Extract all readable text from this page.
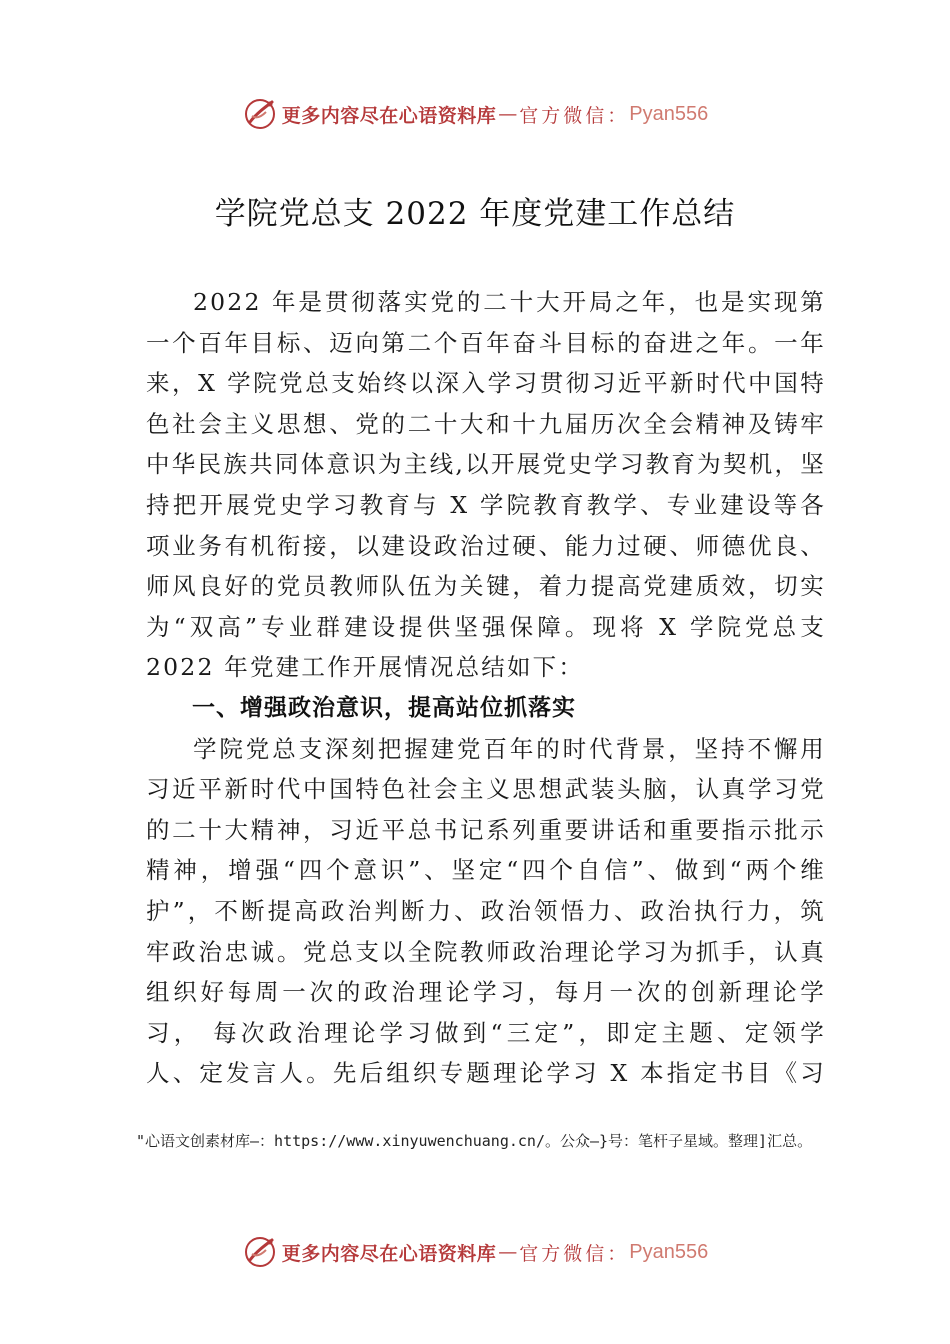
更多内容尽在心语资料库 — 官方微信： Pyan556
学院党总支 2022 年度党建工作总结

2022 年是贯彻落实党的二十大开局之年，也是实现第一个百年目标、迈向第二个百年奋斗目标的奋进之年。一年来，X 学院党总支始终以深入学习贯彻习近平新时代中国特色社会主义思想、党的二十大和十九届历次全会精神及铸牢中华民族共同体意识为主线,以开展党史学习教育为契机，坚持把开展党史学习教育与 X 学院教育教学、专业建设等各项业务有机衔接，以建设政治过硬、能力过硬、师德优良、师风良好的党员教师队伍为关键，着力提高党建质效，切实为“双高”专业群建设提供坚强保障。现将 X 学院党总支 2022 年党建工作开展情况总结如下：

一、增强政治意识，提高站位抓落实

学院党总支深刻把握建党百年的时代背景，坚持不懈用习近平新时代中国特色社会主义思想武装头脑，认真学习党的二十大精神，习近平总书记系列重要讲话和重要指示批示精神，增强“四个意识”、坚定“四个自信”、做到“两个维护”，不断提高政治判断力、政治领悟力、政治执行力，筑牢政治忠诚。党总支以全院教师政治理论学习为抓手，认真组织好每周一次的政治理论学习，每月一次的创新理论学习， 每次政治理论学习做到“三定”，即定主题、定领学人、定发言人。先后组织专题理论学习 X 本指定书目《习

"心语文创素材库—：https://www.xinyuwenchuang.cn/。公众—}号：笔杆子星域。整理]汇总。
更多内容尽在心语资料库 — 官方微信： Pyan556
